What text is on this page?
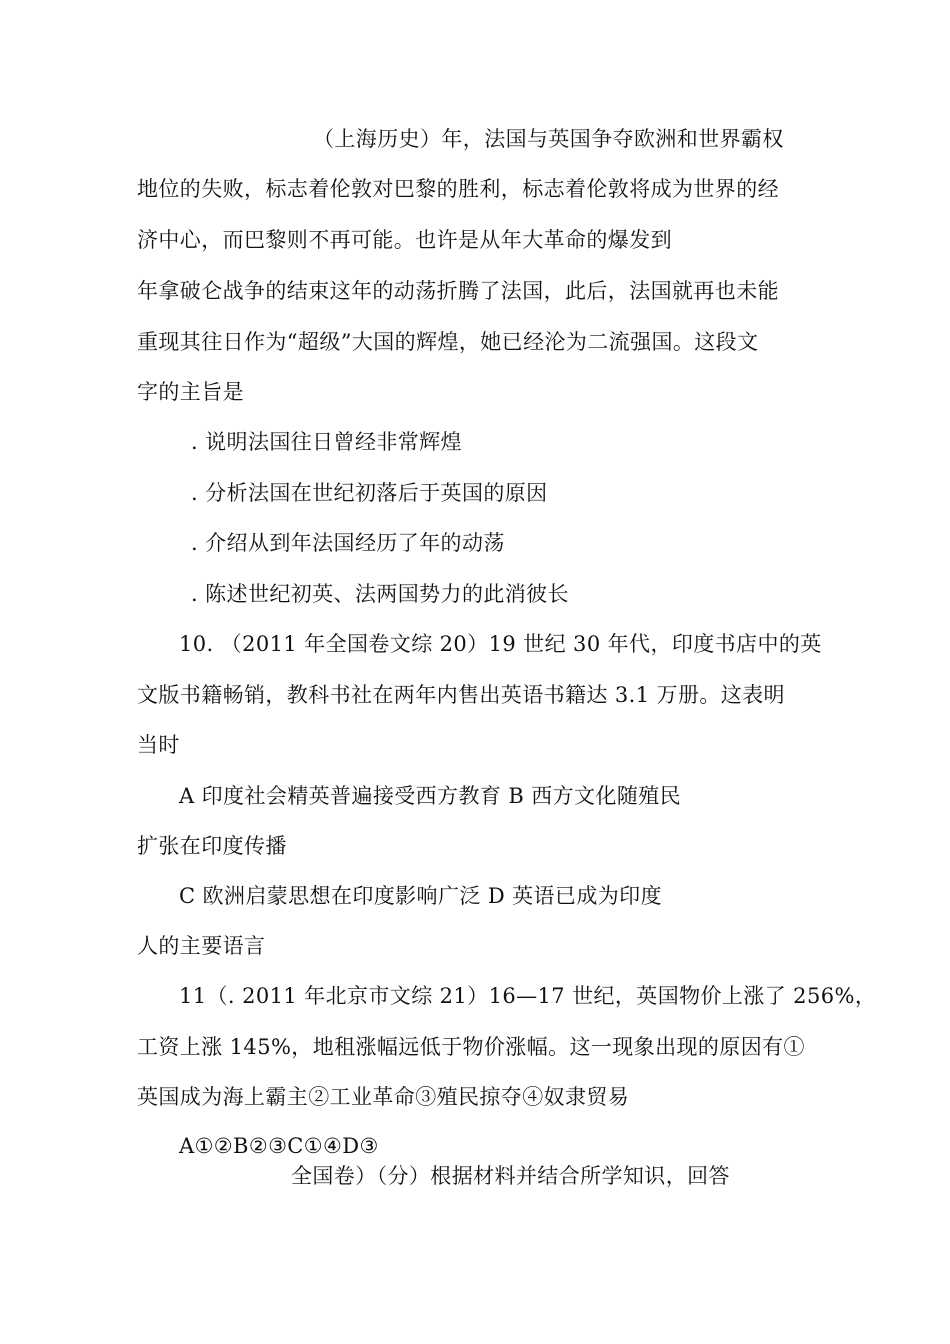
（上海历史）年，法国与英国争夺欧洲和世界霸权
地位的失败，标志着伦敦对巴黎的胜利，标志着伦敦将成为世界的经
济中心，而巴黎则不再可能。也许是从年大革命的爆发到
年拿破仑战争的结束这年的动荡折腾了法国，此后，法国就再也未能
重现其往日作为“超级”大国的辉煌，她已经沦为二流强国。这段文
字的主旨是
. 说明法国往日曾经非常辉煌
. 分析法国在世纪初落后于英国的原因
. 介绍从到年法国经历了年的动荡
. 陈述世纪初英、法两国势力的此消彼长
10. （2011 年全国卷文综 20）19 世纪 30 年代，印度书店中的英
文版书籍畅销，教科书社在两年内售出英语书籍达 3.1 万册。这表明
当时
A 印度社会精英普遍接受西方教育 B 西方文化随殖民
扩张在印度传播
C 欧洲启蒙思想在印度影响广泛 D 英语已成为印度
人的主要语言
11（. 2011 年北京市文综 21）16—17 世纪，英国物价上涨了 256%，
工资上涨 145%，地租涨幅远低于物价涨幅。这一现象出现的原因有①
英国成为海上霸主②工业革命③殖民掠夺④奴隶贸易
A①②B②③C①④D③
全国卷）（分）根据材料并结合所学知识，回答
